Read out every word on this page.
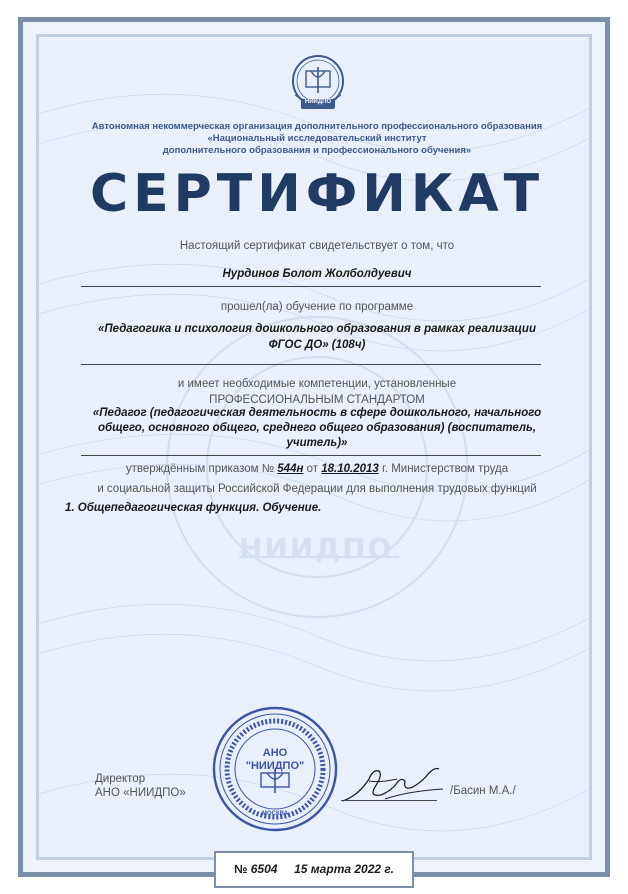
НИИДПО
Автономная некоммерческая организация дополнительного профессионального образования
«Национальный исследовательский институт
дополнительного образования и профессионального обучения»
СЕРТИФИКАТ
Настоящий сертификат свидетельствует о том, что
Нурдинов Болот Жолболдуевич
прошел(ла) обучение по программе
«Педагогика и психология дошкольного образования в рамках реализации
ФГОС ДО» (108ч)
и имеет необходимые компетенции, установленные
ПРОФЕССИОНАЛЬНЫМ СТАНДАРТОМ
«Педагог (педагогическая деятельность в сфере дошкольного, начального
общего, основного общего, среднего общего образования) (воспитатель,
учитель)»
утверждённым приказом № 544н от 18.10.2013 г. Министерством труда
и социальной защиты Российской Федерации для выполнения трудовых функций
1. Общепедагогическая функция. Обучение.
НИИДПО
Директор
АНО «НИИДПО»
АНО
"НИИДПО"
МОСКВА
/Басин М.А./
№ 6504 15 марта 2022 г.
